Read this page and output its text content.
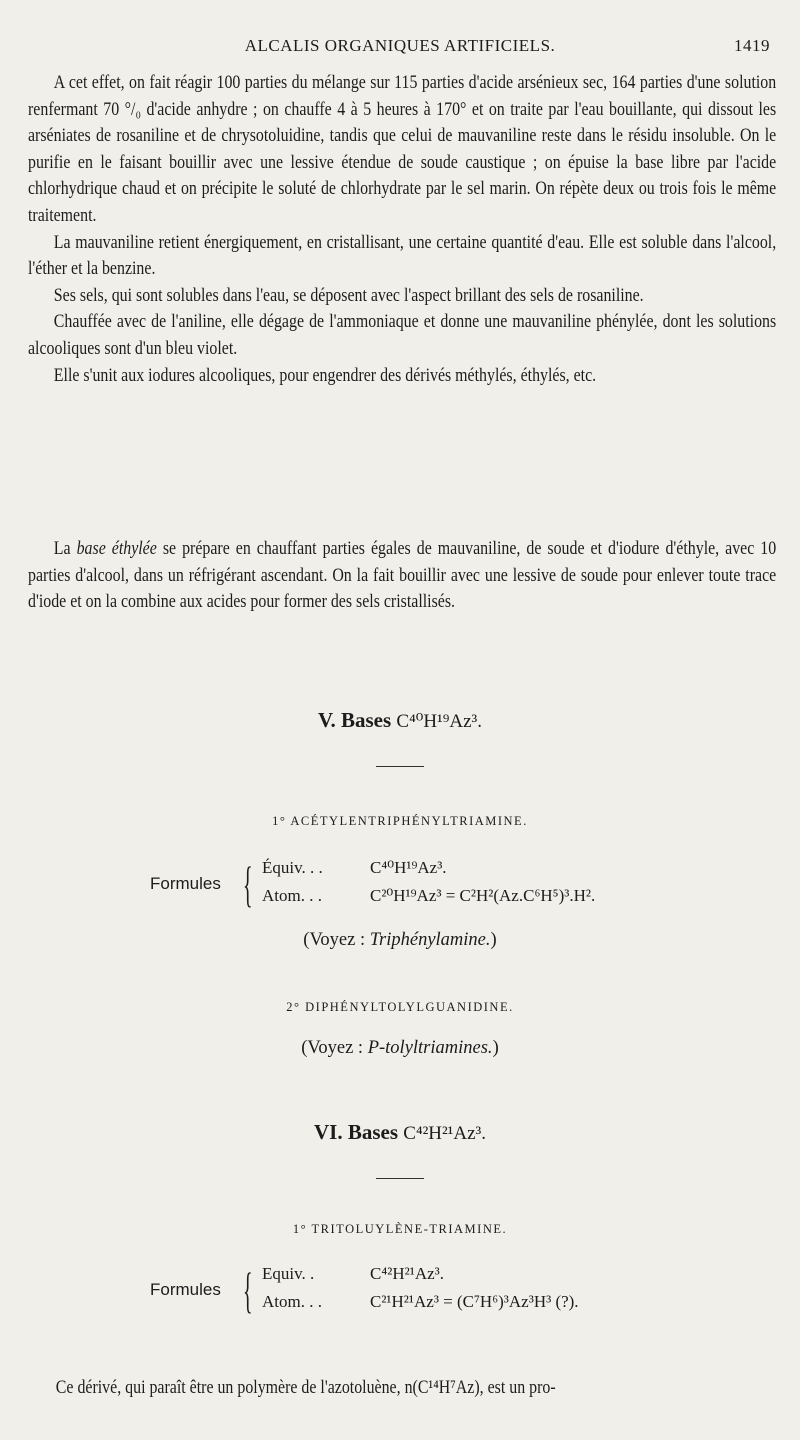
ALCALIS ORGANIQUES ARTIFICIELS.	1419

A cet effet, on fait réagir 100 parties du mélange sur 115 parties d'acide arsénieux sec, 164 parties d'une solution renfermant 70 °/₀ d'acide anhydre ; on chauffe 4 à 5 heures à 170° et on traite par l'eau bouillante, qui dissout les arséniates de rosaniline et de chrysotoluidine, tandis que celui de mauvaniline reste dans le résidu insoluble. On le purifie en le faisant bouillir avec une lessive étendue de soude caustique ; on épuise la base libre par l'acide chlorhydrique chaud et on précipite le soluté de chlorhydrate par le sel marin. On répète deux ou trois fois le même traitement.

La mauvaniline retient énergiquement, en cristallisant, une certaine quantité d'eau. Elle est soluble dans l'alcool, l'éther et la benzine.

Ses sels, qui sont solubles dans l'eau, se déposent avec l'aspect brillant des sels de rosaniline.

Chauffée avec de l'aniline, elle dégage de l'ammoniaque et donne une mauvaniline phénylée, dont les solutions alcooliques sont d'un bleu violet.

Elle s'unit aux iodures alcooliques, pour engendrer des dérivés méthylés, éthylés, etc.

La base éthylée se prépare en chauffant parties égales de mauvaniline, de soude et d'iodure d'éthyle, avec 10 parties d'alcool, dans un réfrigérant ascendant. On la fait bouillir avec une lessive de soude pour enlever toute trace d'iode et on la combine aux acides pour former des sels cristallisés.

V. Bases C⁴⁰H¹⁹Az³.
1° ACÉTYLENTRIPHÉNYLTRIAMINE.
Formules { Équiv. . .	C⁴⁰H¹⁹Az³.
Atom. . .	C²⁰H¹⁹Az³ = C²H²(Az.C⁶H⁵)³.H².
(Voyez : Triphénylamine.)
2° DIPHÉNYLTOLYLGUANIDINE.
(Voyez : P-tolyltriamines.)
VI. Bases C⁴²H²¹Az³.
1° TRITOLUYLÈNE-TRIAMINE.
Formules { Equiv. .	C⁴²H²¹Az³.
Atom. . .	C²¹H²¹Az³ = (C⁷H⁶)³Az³H³ (?).
Ce dérivé, qui paraît être un polymère de l'azotoluène, n(C¹⁴H⁷Az), est un pro-
